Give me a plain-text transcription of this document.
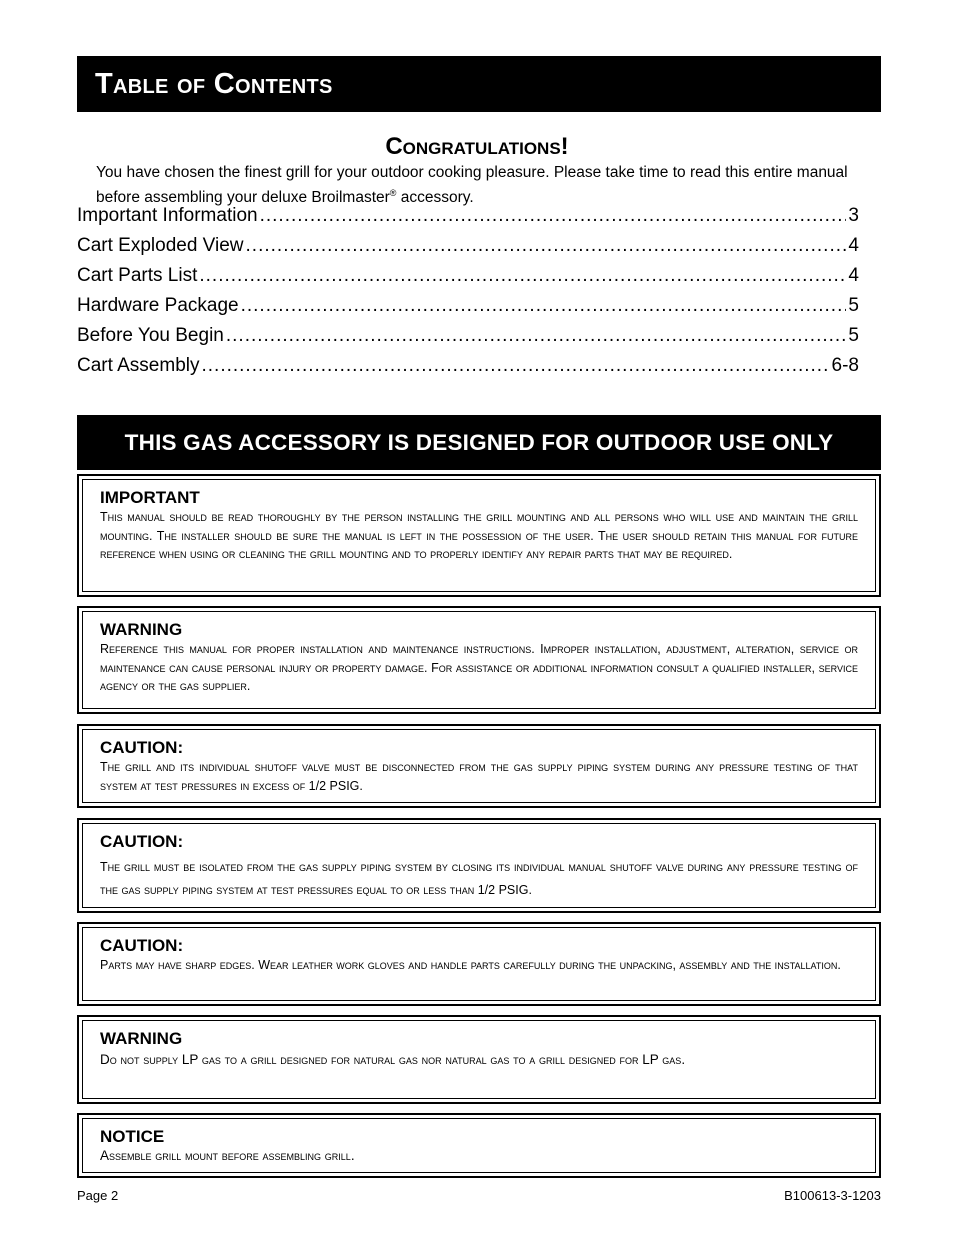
Table of Contents
Congratulations!
You have chosen the finest grill for your outdoor cooking pleasure. Please take time to read this entire manual before assembling your deluxe Broilmaster® accessory.
Important Information .....	3
Cart Exploded View .....	4
Cart Parts List .....	4
Hardware Package .....	5
Before You Begin .....	5
Cart Assembly .....	6-8
THIS GAS ACCESSORY IS DESIGNED FOR OUTDOOR USE ONLY
IMPORTANT
This manual should be read thoroughly by the person installing the grill mounting and all persons who will use and maintain the grill mounting. The installer should be sure the manual is left in the possession of the user. The user should retain this manual for future reference when using or cleaning the grill mounting and to properly identify any repair parts that may be required.
WARNING
Reference this manual for proper installation and maintenance instructions. Improper installation, adjustment, alteration, service or maintenance can cause personal injury or property damage. For assistance or additional information consult a qualified installer, service agency or the gas supplier.
CAUTION:
The grill and its individual shutoff valve must be disconnected from the gas supply piping system during any pressure testing of that system at test pressures in excess of 1/2 PSIG.
CAUTION:
The grill must be isolated from the gas supply piping system by closing its individual manual shutoff valve during any pressure testing of the gas supply piping system at test pressures equal to or less than 1/2 PSIG.
CAUTION:
Parts may have sharp edges. Wear leather work gloves and handle parts carefully during the unpacking, assembly and the installation.
WARNING
Do not supply LP gas to a grill designed for natural gas nor natural gas to a grill designed for LP gas.
NOTICE
Assemble grill mount before assembling grill.
Page 2	B100613-3-1203
